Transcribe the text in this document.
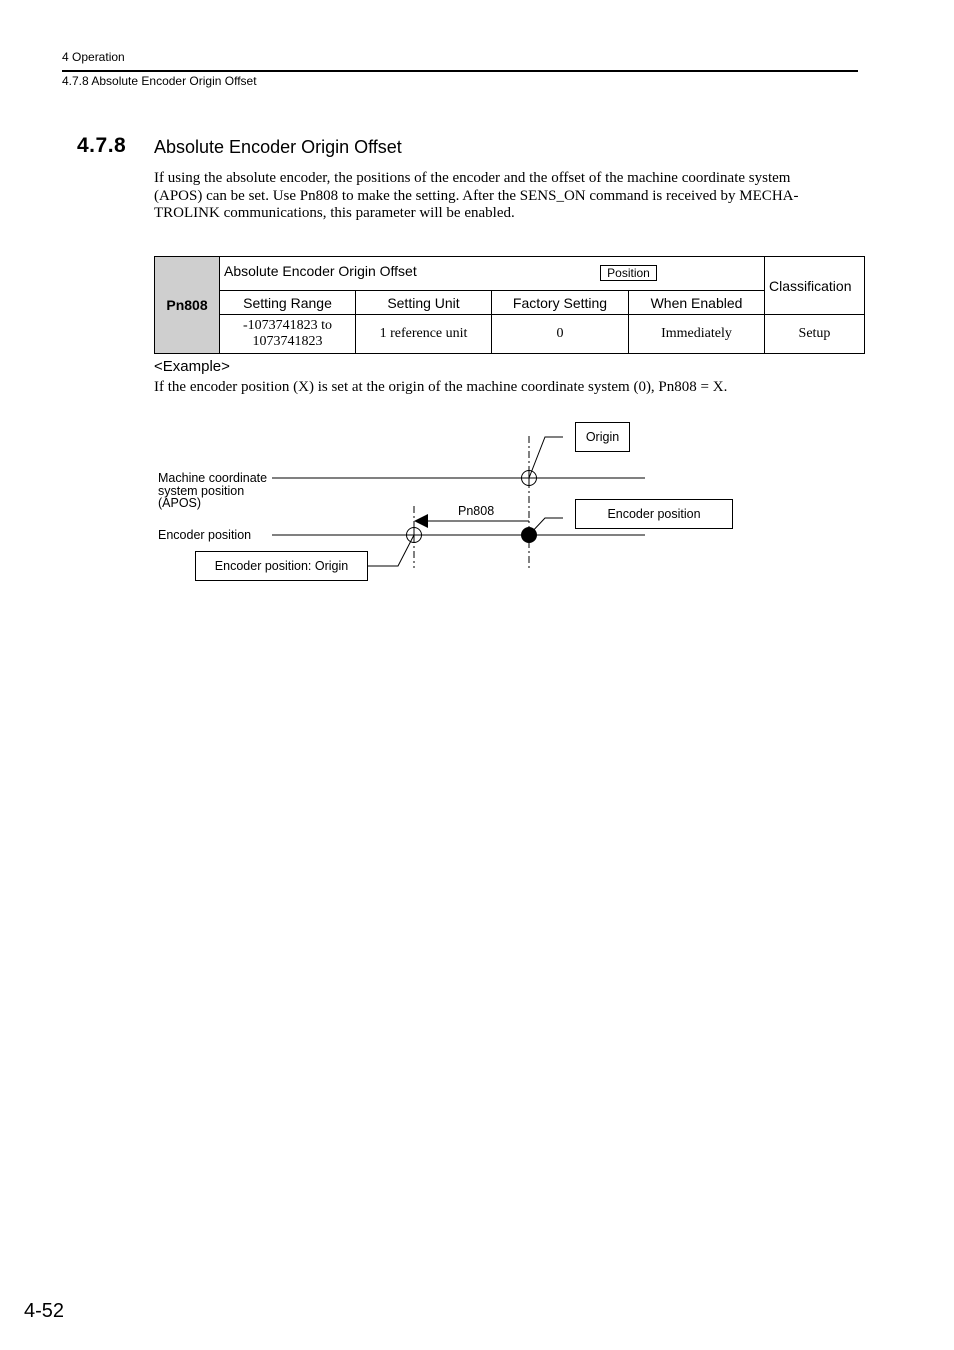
4 Operation
4.7.8 Absolute Encoder Origin Offset
4.7.8 Absolute Encoder Origin Offset
If using the absolute encoder, the positions of the encoder and the offset of the machine coordinate system
(APOS) can be set. Use Pn808 to make the setting. After the SENS_ON command is received by MECHA-
TROLINK communications, this parameter will be enabled.
Pn808	Absolute Encoder Origin Offset Position				Classification
	Setting Range	Setting Unit	Factory Setting	When Enabled	

	-1073741823 to
1073741823	1 reference unit	0	Immediately	Setup
<Example>
If the encoder position (X) is set at the origin of the machine coordinate system (0), Pn808 = X.
Machine coordinate
system position
(APOS)
Encoder position
Pn808
Origin
Encoder position
Encoder position: Origin
4-52
